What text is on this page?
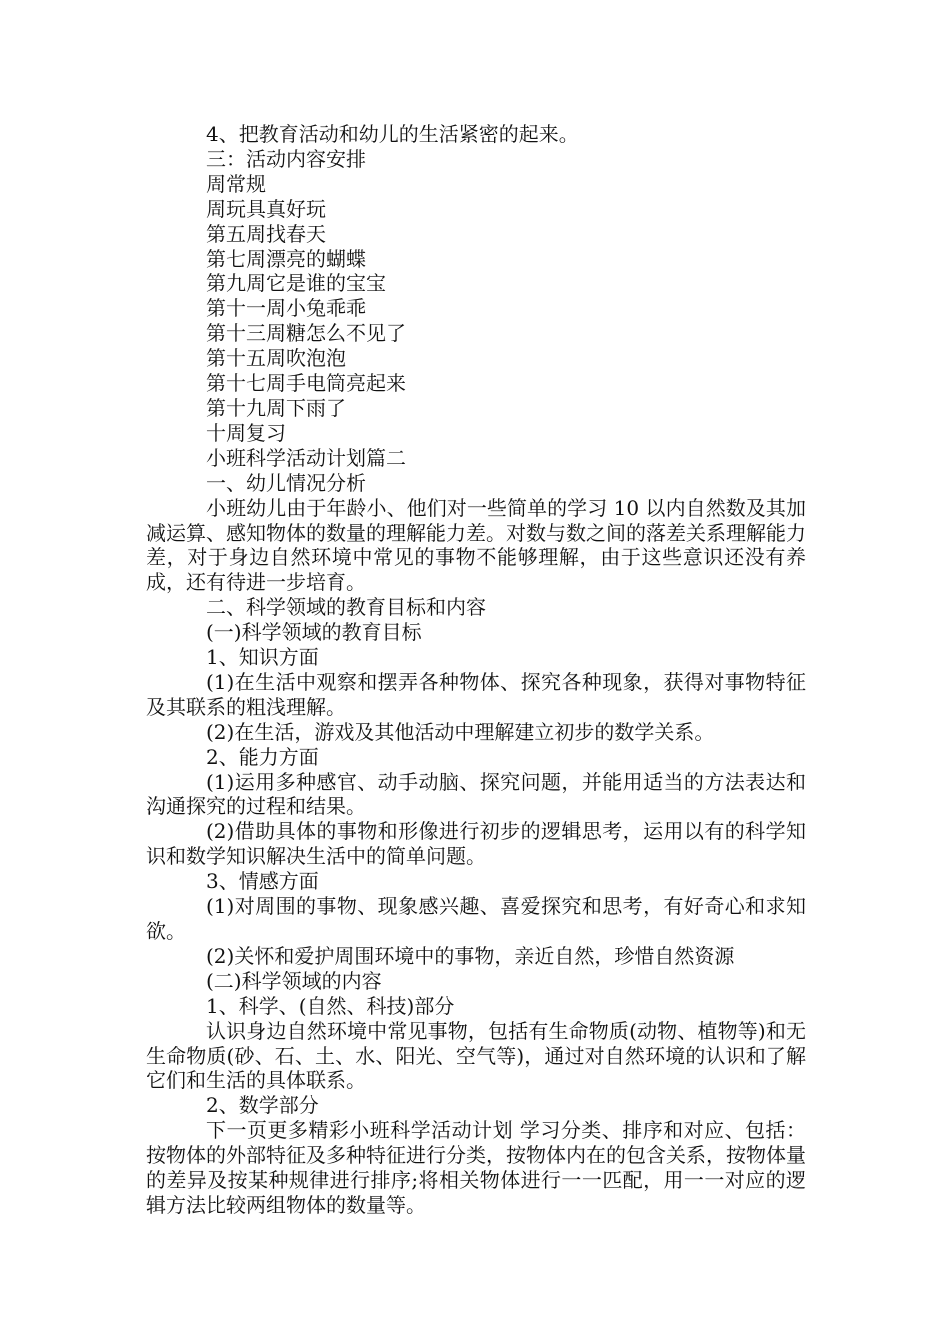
4、把教育活动和幼儿的生活紧密的起来。

三：活动内容安排

周常规

周玩具真好玩

第五周找春天

第七周漂亮的蝴蝶

第九周它是谁的宝宝

第十一周小兔乖乖

第十三周糖怎么不见了

第十五周吹泡泡

第十七周手电筒亮起来

第十九周下雨了

十周复习

小班科学活动计划篇二

一、幼儿情况分析

小班幼儿由于年龄小、他们对一些简单的学习 10 以内自然数及其加减运算、感知物体的数量的理解能力差。对数与数之间的落差关系理解能力差，对于身边自然环境中常见的事物不能够理解，由于这些意识还没有养成，还有待进一步培育。

二、科学领域的教育目标和内容

(一)科学领域的教育目标

1、知识方面

(1)在生活中观察和摆弄各种物体、探究各种现象，获得对事物特征及其联系的粗浅理解。

(2)在生活，游戏及其他活动中理解建立初步的数学关系。

2、能力方面

(1)运用多种感官、动手动脑、探究问题，并能用适当的方法表达和沟通探究的过程和结果。

(2)借助具体的事物和形像进行初步的逻辑思考，运用以有的科学知识和数学知识解决生活中的简单问题。

3、情感方面

(1)对周围的事物、现象感兴趣、喜爱探究和思考，有好奇心和求知欲。

(2)关怀和爱护周围环境中的事物，亲近自然，珍惜自然资源

(二)科学领域的内容

1、科学、(自然、科技)部分

认识身边自然环境中常见事物，包括有生命物质(动物、植物等)和无生命物质(砂、石、土、水、阳光、空气等)，通过对自然环境的认识和了解它们和生活的具体联系。

2、数学部分

下一页更多精彩小班科学活动计划 学习分类、排序和对应、包括：按物体的外部特征及多种特征进行分类，按物体内在的包含关系，按物体量的差异及按某种规律进行排序;将相关物体进行一一匹配，用一一对应的逻辑方法比较两组物体的数量等。
